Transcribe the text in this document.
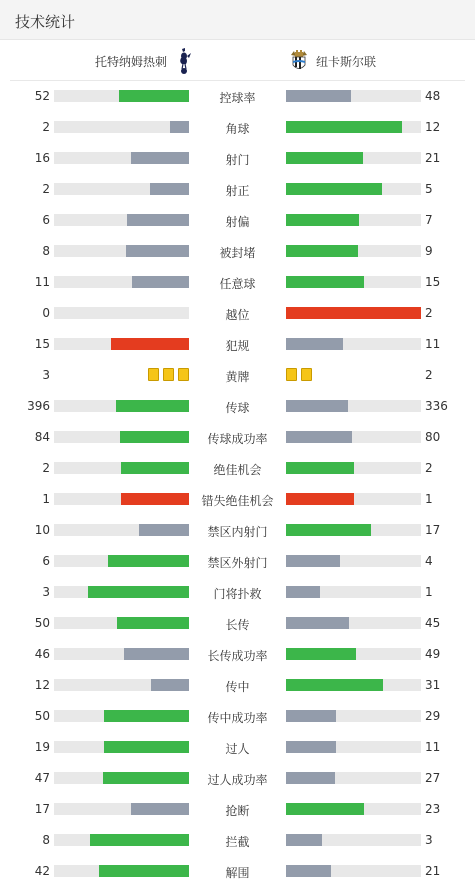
技术统计
托特纳姆热刺	纽卡斯尔联
52	控球率	48
2	角球	12
16	射门	21
2	射正	5
6	射偏	7
8	被封堵	9
11	任意球	15
0	越位	2
15	犯规	11
3	黄牌	2
396	传球	336
84	传球成功率	80
2	绝佳机会	2
1	错失绝佳机会	1
10	禁区内射门	17
6	禁区外射门	4
3	门将扑救	1
50	长传	45
46	长传成功率	49
12	传中	31
50	传中成功率	29
19	过人	11
47	过人成功率	27
17	抢断	23
8	拦截	3
42	解围	21
